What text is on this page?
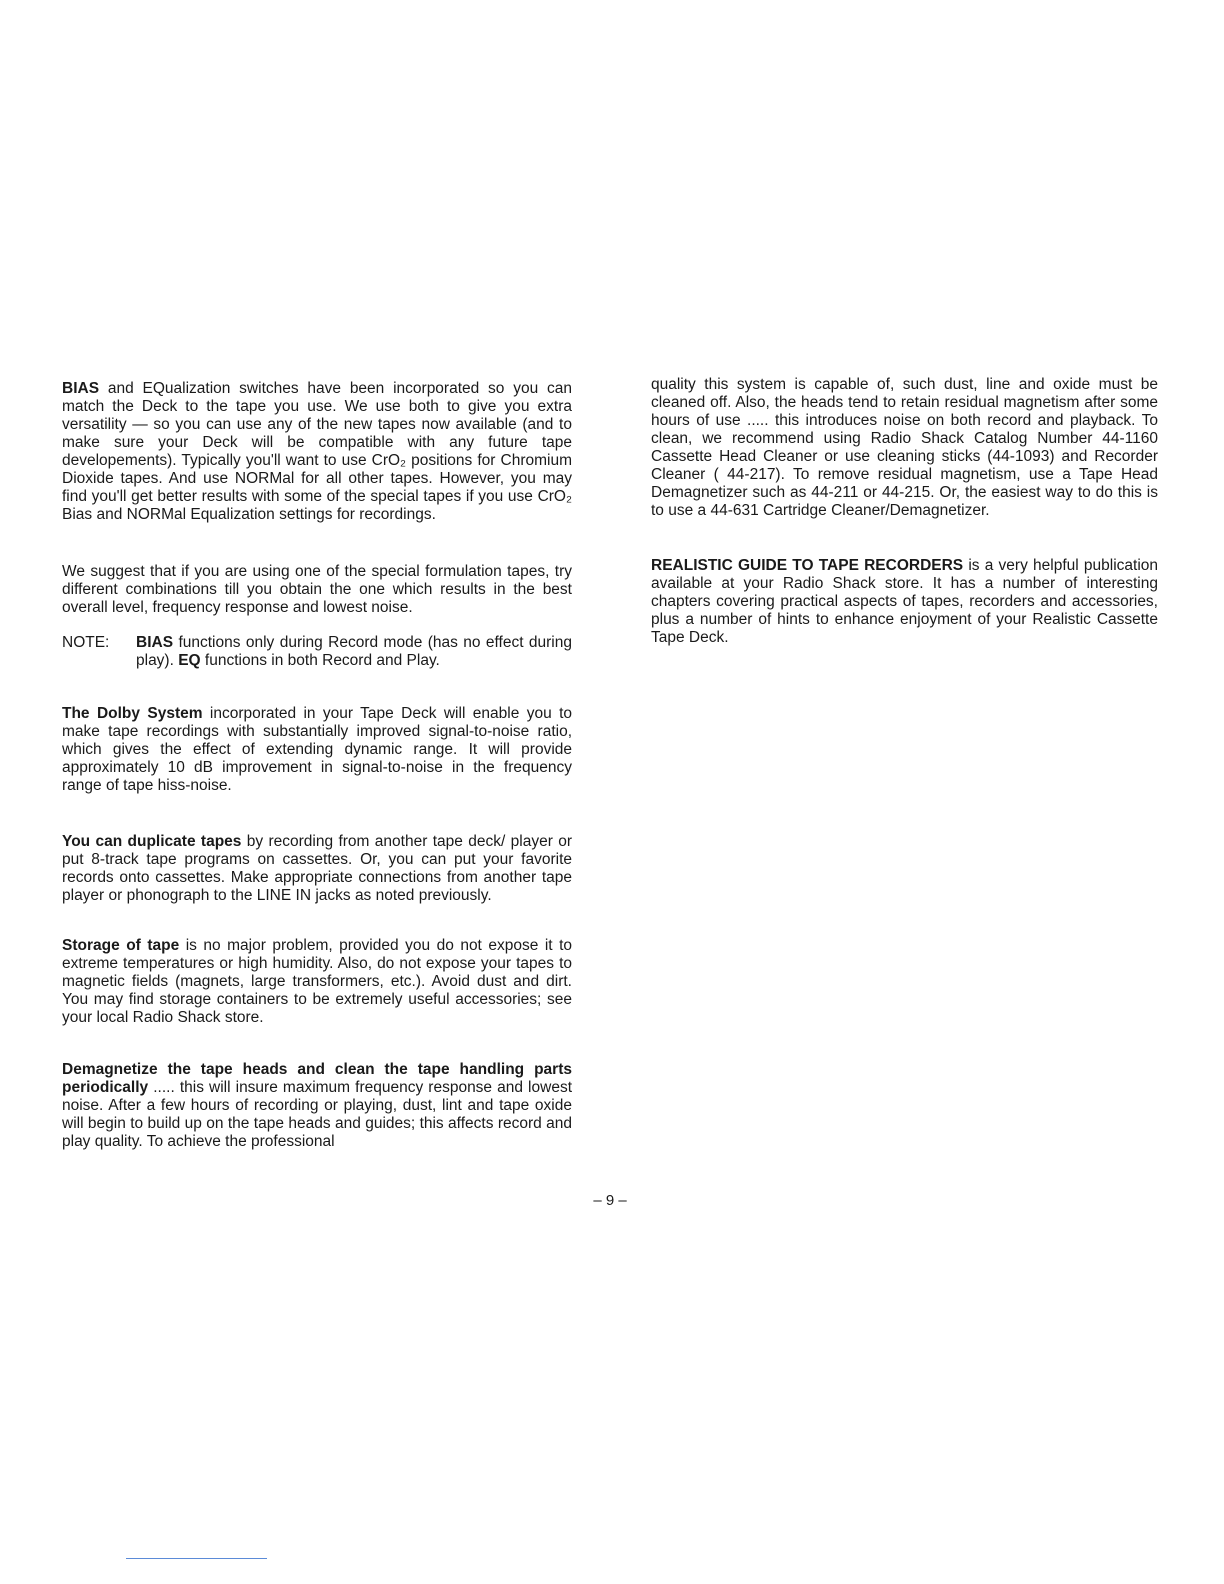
BIAS and EQualization switches have been incorporated so you can match the Deck to the tape you use. We use both to give you extra versatility — so you can use any of the new tapes now available (and to make sure your Deck will be compatible with any future tape developements). Typically you'll want to use CrO₂ positions for Chromium Dioxide tapes. And use NORMal for all other tapes. However, you may find you'll get better results with some of the special tapes if you use CrO₂ Bias and NORMal Equalization settings for recordings.

We suggest that if you are using one of the special formulation tapes, try different combinations till you obtain the one which results in the best overall level, frequency response and lowest noise.

NOTE:	BIAS functions only during Record mode (has no effect during play). EQ functions in both Record and Play.

The Dolby System incorporated in your Tape Deck will enable you to make tape recordings with substantially improved signal-to-noise ratio, which gives the effect of extending dynamic range. It will provide approximately 10 dB improvement in signal-to-noise in the frequency range of tape hiss-noise.

You can duplicate tapes by recording from another tape deck/ player or put 8-track tape programs on cassettes. Or, you can put your favorite records onto cassettes. Make appropriate connections from another tape player or phonograph to the LINE IN jacks as noted previously.

Storage of tape is no major problem, provided you do not expose it to extreme temperatures or high humidity. Also, do not expose your tapes to magnetic fields (magnets, large transformers, etc.). Avoid dust and dirt. You may find storage containers to be extremely useful accessories; see your local Radio Shack store.

Demagnetize the tape heads and clean the tape handling parts periodically ..... this will insure maximum frequency response and lowest noise. After a few hours of recording or playing, dust, lint and tape oxide will begin to build up on the tape heads and guides; this affects record and play quality. To achieve the professional

quality this system is capable of, such dust, line and oxide must be cleaned off. Also, the heads tend to retain residual magnetism after some hours of use ..... this introduces noise on both record and playback. To clean, we recommend using Radio Shack Catalog Number 44-1160 Cassette Head Cleaner or use cleaning sticks (44-1093) and Recorder Cleaner ( 44-217). To remove residual magnetism, use a Tape Head Demagnetizer such as 44-211 or 44-215. Or, the easiest way to do this is to use a 44-631 Cartridge Cleaner/Demagnetizer.

REALISTIC GUIDE TO TAPE RECORDERS is a very helpful publication available at your Radio Shack store. It has a number of interesting chapters covering practical aspects of tapes, recorders and accessories, plus a number of hints to enhance enjoyment of your Realistic Cassette Tape Deck.

– 9 –
